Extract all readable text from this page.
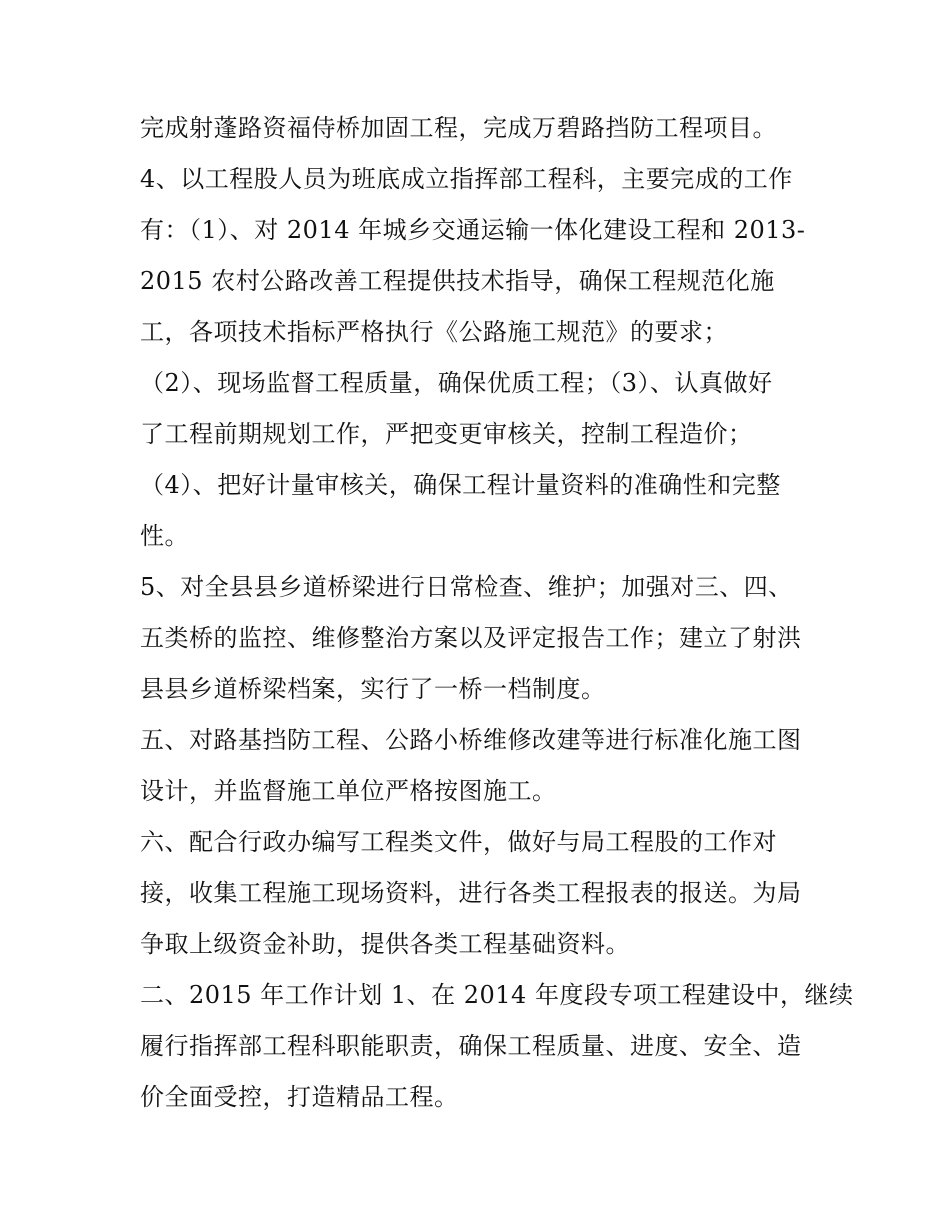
完成射蓬路资福侍桥加固工程，完成万碧路挡防工程项目。
4、以工程股人员为班底成立指挥部工程科，主要完成的工作
有：（1）、对 2014 年城乡交通运输一体化建设工程和 2013-
2015 农村公路改善工程提供技术指导，确保工程规范化施
工，各项技术指标严格执行《公路施工规范》的要求；
（2）、现场监督工程质量，确保优质工程；（3）、认真做好
了工程前期规划工作，严把变更审核关，控制工程造价；
（4）、把好计量审核关，确保工程计量资料的准确性和完整
性。
5、对全县县乡道桥梁进行日常检查、维护；加强对三、四、
五类桥的监控、维修整治方案以及评定报告工作；建立了射洪
县县乡道桥梁档案，实行了一桥一档制度。
五、对路基挡防工程、公路小桥维修改建等进行标准化施工图
设计，并监督施工单位严格按图施工。
六、配合行政办编写工程类文件，做好与局工程股的工作对
接，收集工程施工现场资料，进行各类工程报表的报送。为局
争取上级资金补助，提供各类工程基础资料。
二、2015 年工作计划 1、在 2014 年度段专项工程建设中，继续
履行指挥部工程科职能职责，确保工程质量、进度、安全、造
价全面受控，打造精品工程。
